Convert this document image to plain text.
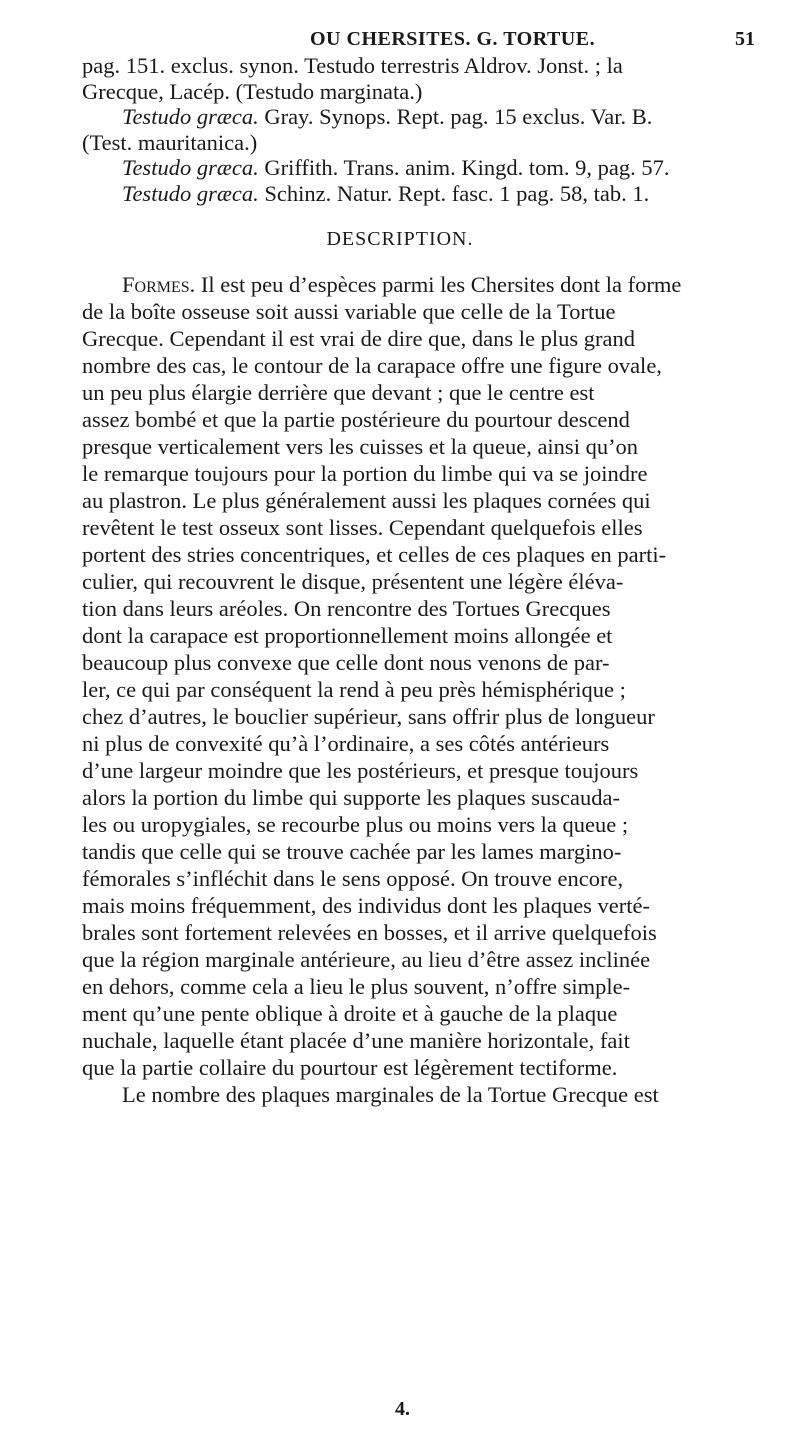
OU CHERSITES. G. TORTUE.	51
pag. 151. exclus. synon. Testudo terrestris Aldrov. Jonst. ; la
Grecque, Lacép. (Testudo marginata.)
Testudo græca. Gray. Synops. Rept. pag. 15 exclus. Var. B.
(Test. mauritanica.)
Testudo græca. Griffith. Trans. anim. Kingd. tom. 9, pag. 57.
Testudo græca. Schinz. Natur. Rept. fasc. 1 pag. 58, tab. 1.
DESCRIPTION.
Formes. Il est peu d’espèces parmi les Chersites dont la forme
de la boîte osseuse soit aussi variable que celle de la Tortue
Grecque. Cependant il est vrai de dire que, dans le plus grand
nombre des cas, le contour de la carapace offre une figure ovale,
un peu plus élargie derrière que devant ; que le centre est
assez bombé et que la partie postérieure du pourtour descend
presque verticalement vers les cuisses et la queue, ainsi qu’on
le remarque toujours pour la portion du limbe qui va se joindre
au plastron. Le plus généralement aussi les plaques cornées qui
revêtent le test osseux sont lisses. Cependant quelquefois elles
portent des stries concentriques, et celles de ces plaques en parti-
culier, qui recouvrent le disque, présentent une légère éléva-
tion dans leurs aréoles. On rencontre des Tortues Grecques
dont la carapace est proportionnellement moins allongée et
beaucoup plus convexe que celle dont nous venons de par-
ler, ce qui par conséquent la rend à peu près hémisphérique ;
chez d’autres, le bouclier supérieur, sans offrir plus de longueur
ni plus de convexité qu’à l’ordinaire, a ses côtés antérieurs
d’une largeur moindre que les postérieurs, et presque toujours
alors la portion du limbe qui supporte les plaques suscauda-
les ou uropygiales, se recourbe plus ou moins vers la queue ;
tandis que celle qui se trouve cachée par les lames margino-
fémorales s’infléchit dans le sens opposé. On trouve encore,
mais moins fréquemment, des individus dont les plaques verté-
brales sont fortement relevées en bosses, et il arrive quelquefois
que la région marginale antérieure, au lieu d’être assez inclinée
en dehors, comme cela a lieu le plus souvent, n’offre simple-
ment qu’une pente oblique à droite et à gauche de la plaque
nuchale, laquelle étant placée d’une manière horizontale, fait
que la partie collaire du pourtour est légèrement tectiforme.
Le nombre des plaques marginales de la Tortue Grecque est
4.
